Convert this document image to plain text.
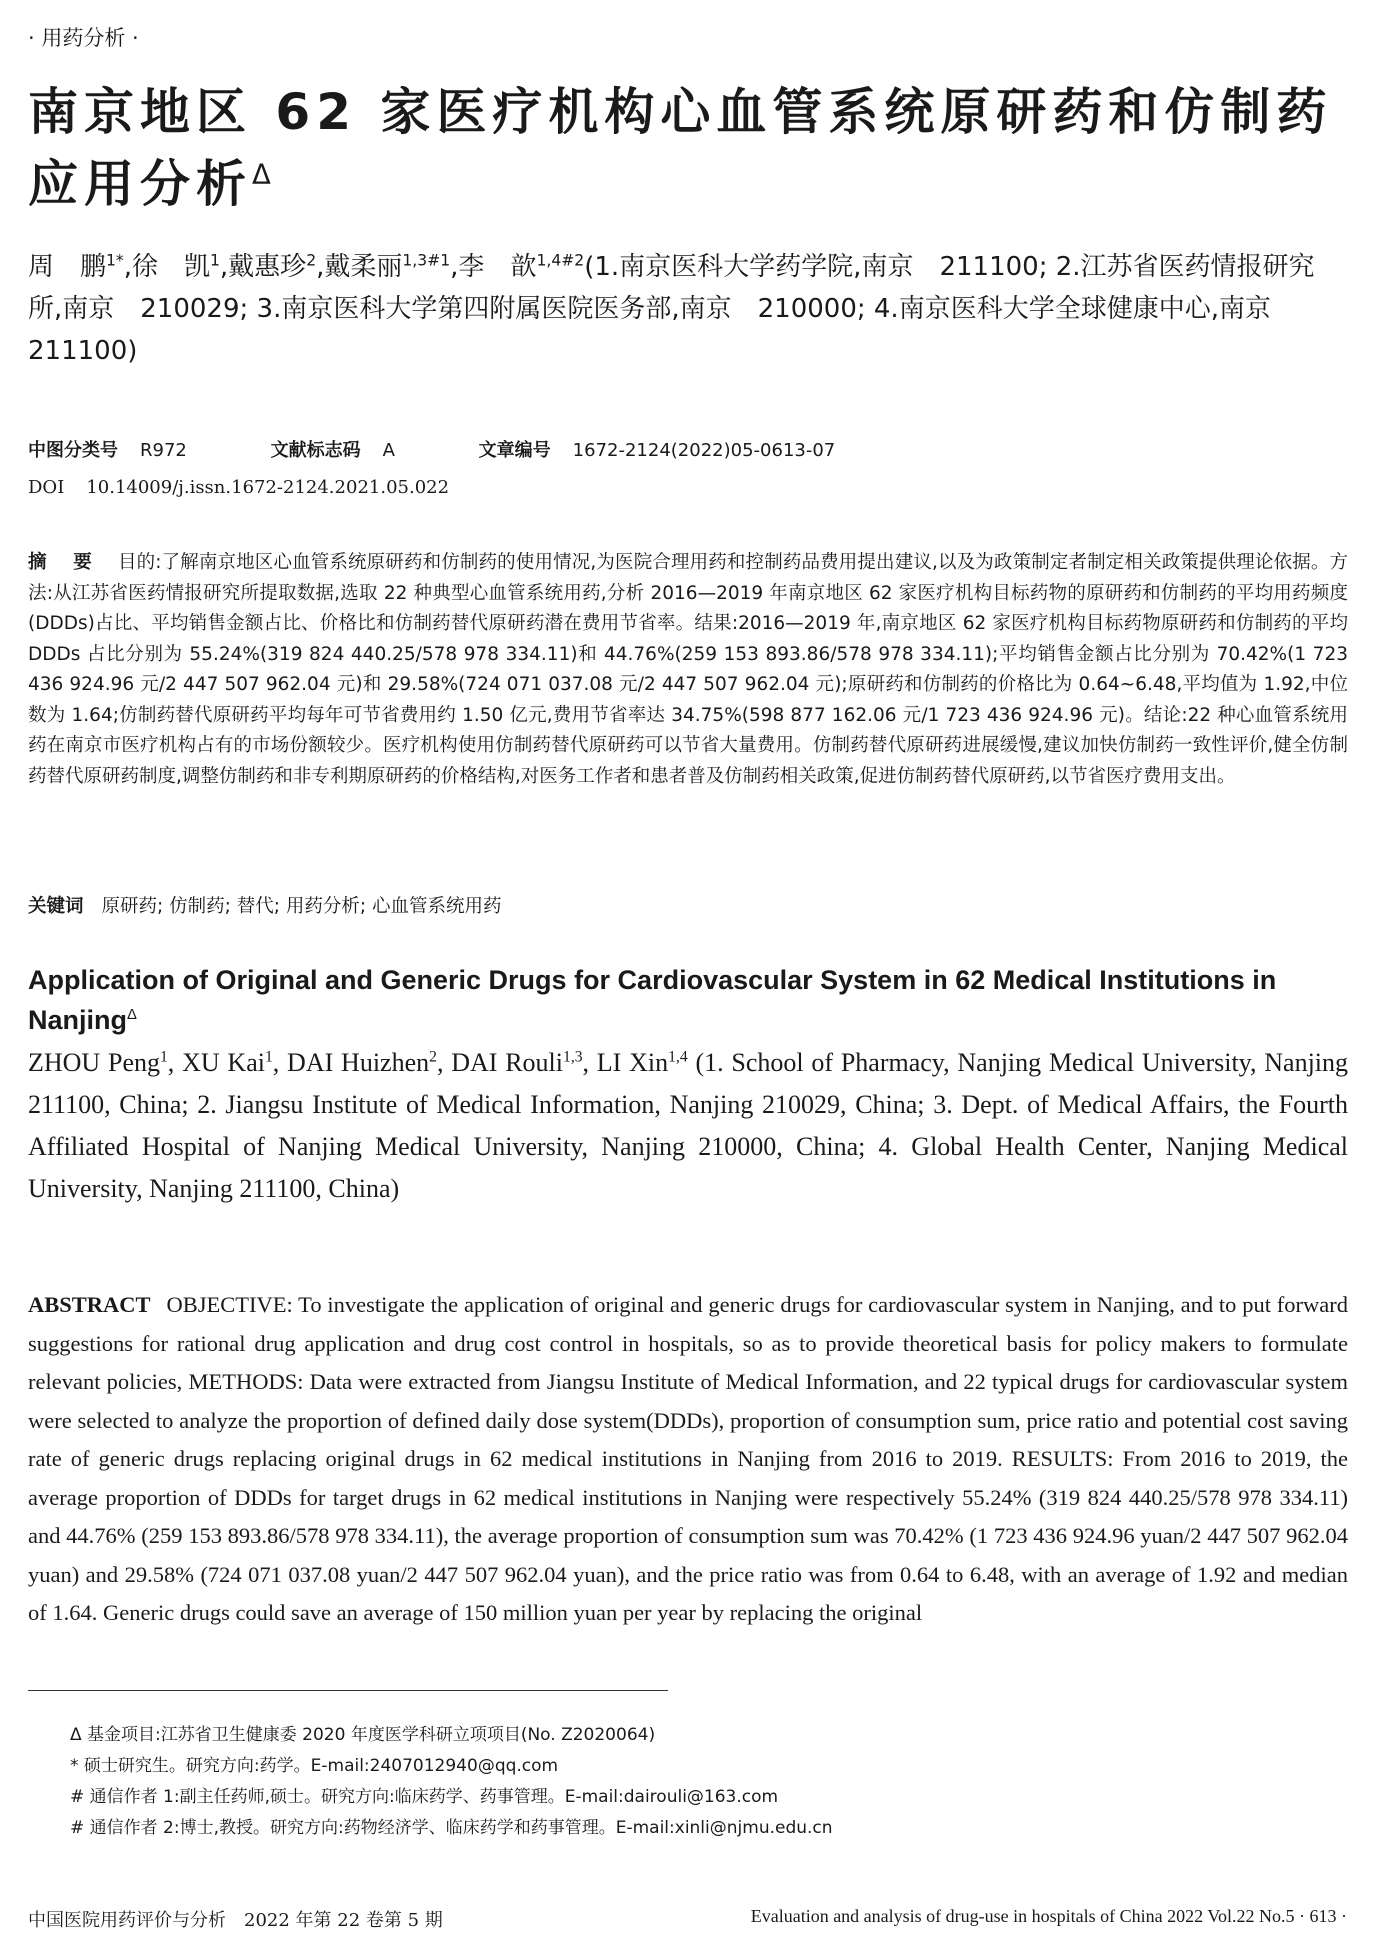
· 用药分析 ·
南京地区 62 家医疗机构心血管系统原研药和仿制药应用分析$^\Delta$
周　鹏$^{1*}$,徐　凯$^1$,戴惠珍$^2$,戴柔丽$^{1,3\#1}$,李　歆$^{1,4\#2}$(1.南京医科大学药学院,南京　211100; 2.江苏省医药情报研究所,南京　210029; 3.南京医科大学第四附属医院医务部,南京　210000; 4.南京医科大学全球健康中心,南京　211100)
中图分类号 R972	文献标志码 A	文章编号 1672-2124(2022)05-0613-07
DOI 10.14009/j.issn.1672-2124.2021.05.022
摘　要 目的:了解南京地区心血管系统原研药和仿制药的使用情况,为医院合理用药和控制药品费用提出建议,以及为政策制定者制定相关政策提供理论依据。方法:从江苏省医药情报研究所提取数据,选取 22 种典型心血管系统用药,分析 2016—2019 年南京地区 62 家医疗机构目标药物的原研药和仿制药的平均用药频度(DDDs)占比、平均销售金额占比、价格比和仿制药替代原研药潜在费用节省率。结果:2016—2019 年,南京地区 62 家医疗机构目标药物原研药和仿制药的平均 DDDs 占比分别为 55.24%(319 824 440.25/578 978 334.11)和 44.76%(259 153 893.86/578 978 334.11);平均销售金额占比分别为 70.42%(1 723 436 924.96 元/2 447 507 962.04 元)和 29.58%(724 071 037.08 元/2 447 507 962.04 元);原研药和仿制药的价格比为 0.64~6.48,平均值为 1.92,中位数为 1.64;仿制药替代原研药平均每年可节省费用约 1.50 亿元,费用节省率达 34.75%(598 877 162.06 元/1 723 436 924.96 元)。结论:22 种心血管系统用药在南京市医疗机构占有的市场份额较少。医疗机构使用仿制药替代原研药可以节省大量费用。仿制药替代原研药进展缓慢,建议加快仿制药一致性评价,健全仿制药替代原研药制度,调整仿制药和非专利期原研药的价格结构,对医务工作者和患者普及仿制药相关政策,促进仿制药替代原研药,以节省医疗费用支出。
关键词 原研药; 仿制药; 替代; 用药分析; 心血管系统用药
Application of Original and Generic Drugs for Cardiovascular System in 62 Medical Institutions in Nanjing$^\Delta$
ZHOU Peng$^1$, XU Kai$^1$, DAI Huizhen$^2$, DAI Rouli$^{1,3}$, LI Xin$^{1,4}$ (1. School of Pharmacy, Nanjing Medical University, Nanjing 211100, China; 2. Jiangsu Institute of Medical Information, Nanjing 210029, China; 3. Dept. of Medical Affairs, the Fourth Affiliated Hospital of Nanjing Medical University, Nanjing 210000, China; 4. Global Health Center, Nanjing Medical University, Nanjing 211100, China)
ABSTRACT OBJECTIVE: To investigate the application of original and generic drugs for cardiovascular system in Nanjing, and to put forward suggestions for rational drug application and drug cost control in hospitals, so as to provide theoretical basis for policy makers to formulate relevant policies, METHODS: Data were extracted from Jiangsu Institute of Medical Information, and 22 typical drugs for cardiovascular system were selected to analyze the proportion of defined daily dose system(DDDs), proportion of consumption sum, price ratio and potential cost saving rate of generic drugs replacing original drugs in 62 medical institutions in Nanjing from 2016 to 2019. RESULTS: From 2016 to 2019, the average proportion of DDDs for target drugs in 62 medical institutions in Nanjing were respectively 55.24% (319 824 440.25/578 978 334.11) and 44.76% (259 153 893.86/578 978 334.11), the average proportion of consumption sum was 70.42% (1 723 436 924.96 yuan/2 447 507 962.04 yuan) and 29.58% (724 071 037.08 yuan/2 447 507 962.04 yuan), and the price ratio was from 0.64 to 6.48, with an average of 1.92 and median of 1.64. Generic drugs could save an average of 150 million yuan per year by replacing the original
Δ 基金项目:江苏省卫生健康委 2020 年度医学科研立项项目(No. Z2020064)
* 硕士研究生。研究方向:药学。E-mail:2407012940@qq.com
# 通信作者 1:副主任药师,硕士。研究方向:临床药学、药事管理。E-mail:dairouli@163.com
# 通信作者 2:博士,教授。研究方向:药物经济学、临床药学和药事管理。E-mail:xinli@njmu.edu.cn
中国医院用药评价与分析　2022 年第 22 卷第 5 期	Evaluation and analysis of drug-use in hospitals of China 2022 Vol.22 No.5 · 613 ·
